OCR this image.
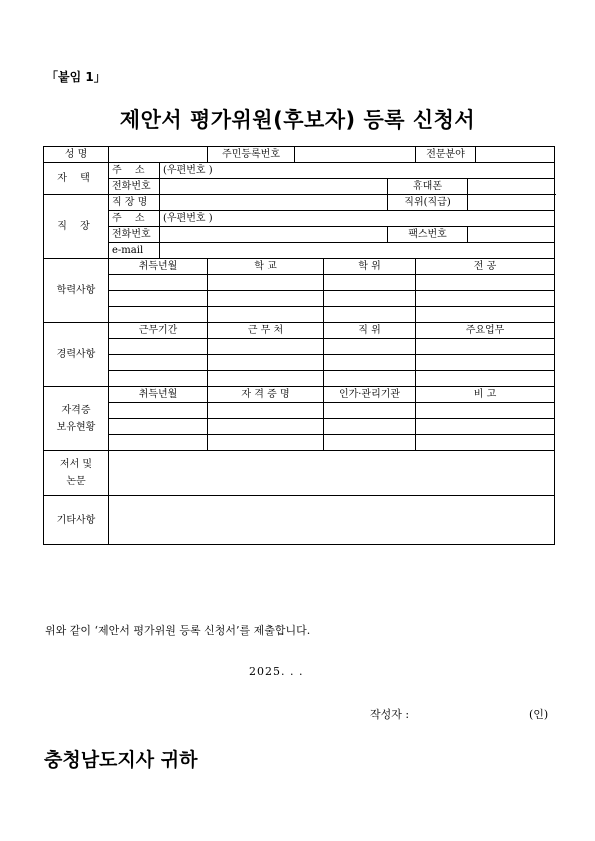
「붙임 1」
제안서 평가위원(후보자) 등록 신청서
성 명			주민등록번호				전문분야		
자 택	주 소	(우편번호 )							
	전화번호					휴대폰			
직 장	직 장 명					직위(직급)			
	주 소	(우편번호 )							
	전화번호					팩스번호			
	e-mail								
학력사항	취득년월		학 교		학 위		전 공		

경력사항	근무기간		근 무 처		직 위		주요업무		

자격증
보유현황	취득년월		자 격 증 명		인가·관리기관		비 고		

저서 및
논문									
기타사항									
위와 같이 ‘제안서 평가위원 등록 신청서’를 제출합니다.
2025. . .
작성자 :	(인)
충청남도지사 귀하
